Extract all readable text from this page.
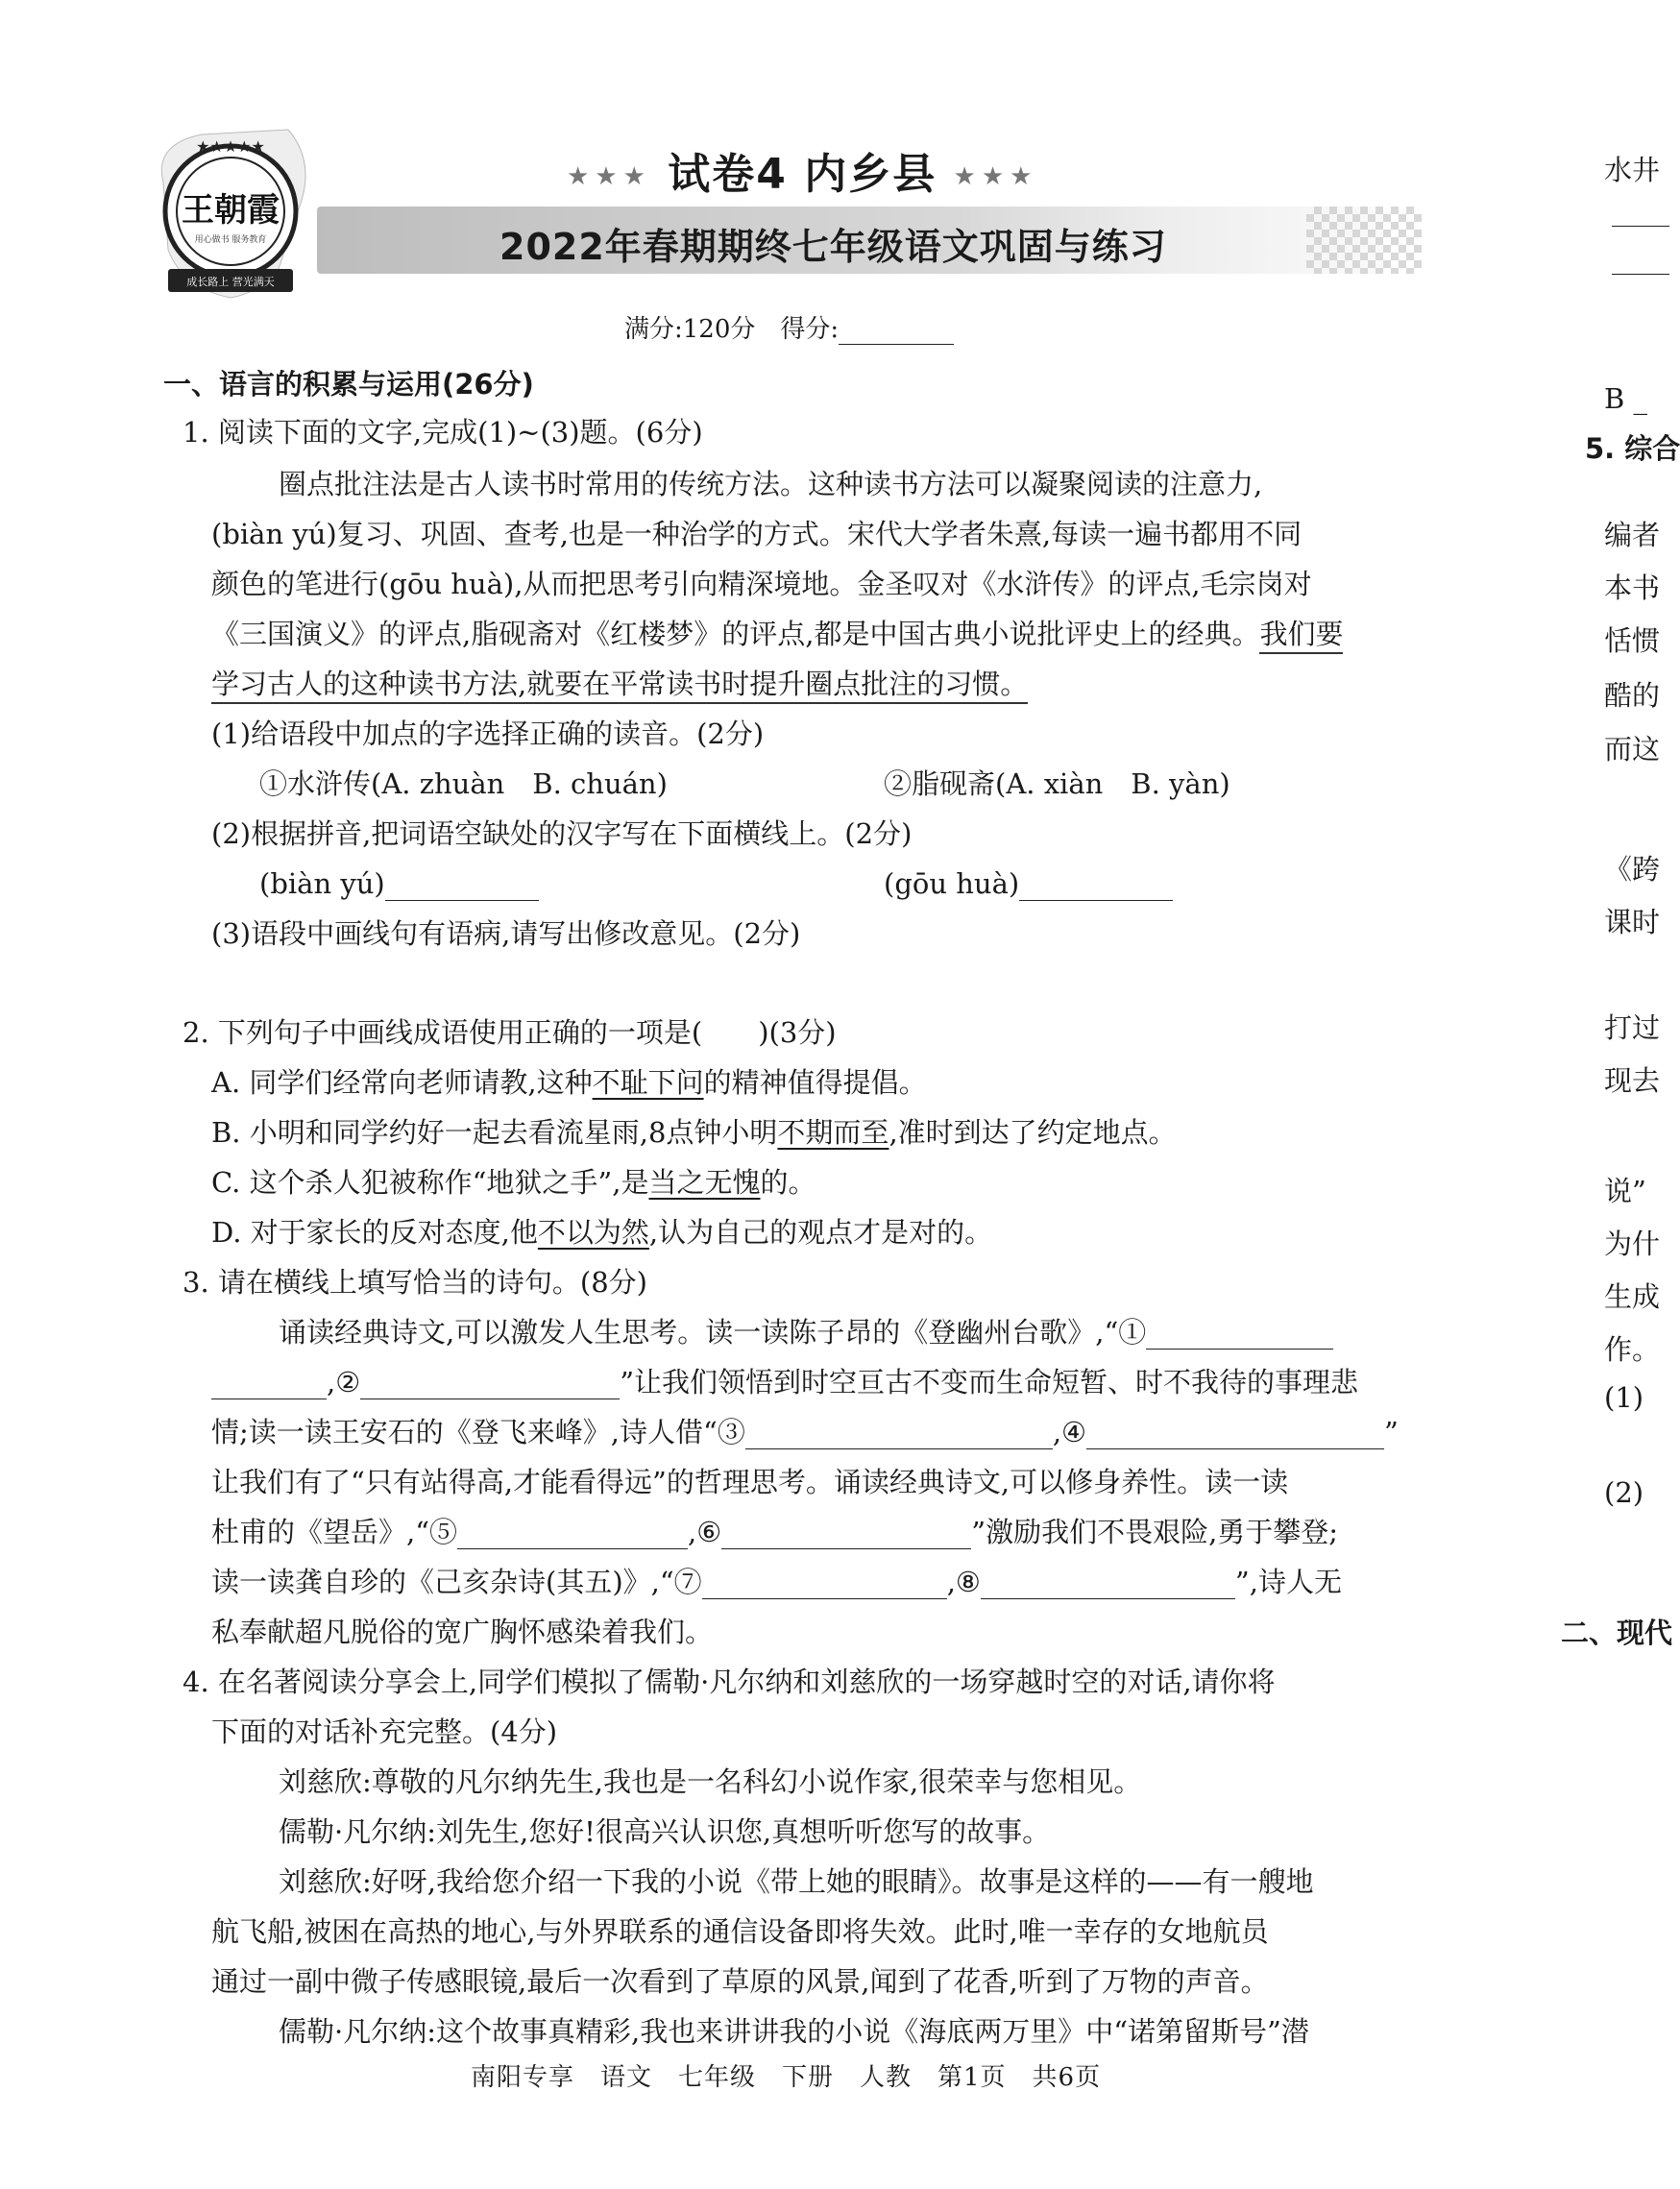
★★★★★
王朝霞
用心做书 服务教育
成长路上 营光满天
★★★ 试卷4 内乡县 ★★★
2022年春期期终七年级语文巩固与练习
满分:120分　得分:
一、语言的积累与运用(26分)
1. 阅读下面的文字,完成(1)~(3)题。(6分)
圈点批注法是古人读书时常用的传统方法。这种读书方法可以凝聚阅读的注意力,
(biàn yú)复习、巩固、查考,也是一种治学的方式。宋代大学者朱熹,每读一遍书都用不同
颜色的笔进行(gōu huà),从而把思考引向精深境地。金圣叹对《水浒传》的评点,毛宗岗对
《三国演义》的评点,脂砚斋对《红楼梦》的评点,都是中国古典小说批评史上的经典。我们要
学习古人的这种读书方法,就要在平常读书时提升圈点批注的习惯。
(1)给语段中加点的字选择正确的读音。(2分)
①水浒传(A. zhuàn　B. chuán)	②脂砚斋(A. xiàn　B. yàn)
(2)根据拼音,把词语空缺处的汉字写在下面横线上。(2分)
(biàn yú)	(gōu huà)
(3)语段中画线句有语病,请写出修改意见。(2分)
2. 下列句子中画线成语使用正确的一项是(　　)(3分)
A. 同学们经常向老师请教,这种不耻下问的精神值得提倡。
B. 小明和同学约好一起去看流星雨,8点钟小明不期而至,准时到达了约定地点。
C. 这个杀人犯被称作“地狱之手”,是当之无愧的。
D. 对于家长的反对态度,他不以为然,认为自己的观点才是对的。
3. 请在横线上填写恰当的诗句。(8分)
诵读经典诗文,可以激发人生思考。读一读陈子昂的《登幽州台歌》,“①
,②	”让我们领悟到时空亘古不变而生命短暂、时不我待的事理悲
情;读一读王安石的《登飞来峰》,诗人借“③	,④	”
让我们有了“只有站得高,才能看得远”的哲理思考。诵读经典诗文,可以修身养性。读一读
杜甫的《望岳》,“⑤	,⑥	”激励我们不畏艰险,勇于攀登;
读一读龚自珍的《己亥杂诗(其五)》,“⑦	,⑧	”,诗人无
私奉献超凡脱俗的宽广胸怀感染着我们。
4. 在名著阅读分享会上,同学们模拟了儒勒·凡尔纳和刘慈欣的一场穿越时空的对话,请你将
下面的对话补充完整。(4分)
刘慈欣:尊敬的凡尔纳先生,我也是一名科幻小说作家,很荣幸与您相见。
儒勒·凡尔纳:刘先生,您好!很高兴认识您,真想听听您写的故事。
刘慈欣:好呀,我给您介绍一下我的小说《带上她的眼睛》。故事是这样的——有一艘地
航飞船,被困在高热的地心,与外界联系的通信设备即将失效。此时,唯一幸存的女地航员
通过一副中微子传感眼镜,最后一次看到了草原的风景,闻到了花香,听到了万物的声音。
儒勒·凡尔纳:这个故事真精彩,我也来讲讲我的小说《海底两万里》中“诺第留斯号”潜
水井
B _
5. 综合
编者
本书
恬惯
酷的
而这
《跨
课时
打过
现去
说”
为什
生成
作。
(1)
(2)
二、现代
南阳专享　语文　七年级　下册　人教　第1页　共6页
